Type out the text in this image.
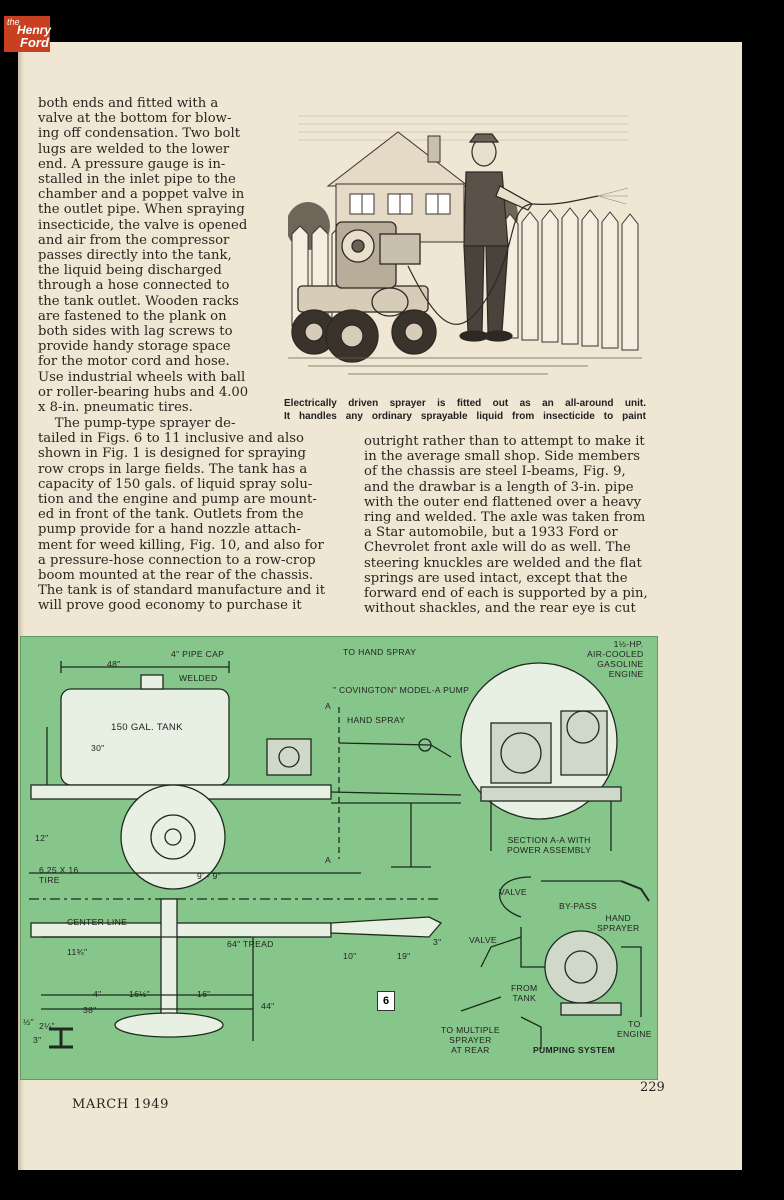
the
Henry
Ford

both ends and fitted with a
valve at the bottom for blow-
ing off condensation. Two bolt
lugs are welded to the lower
end. A pressure gauge is in-
stalled in the inlet pipe to the
chamber and a poppet valve in
the outlet pipe. When spraying
insecticide, the valve is opened
and air from the compressor
passes directly into the tank,
the liquid being discharged
through a hose connected to
the tank outlet. Wooden racks
are fastened to the plank on
both sides with lag screws to
provide handy storage space
for the motor cord and hose.
Use industrial wheels with ball
or roller-bearing hubs and 4.00
x 8-in. pneumatic tires.

The pump-type sprayer de-
tailed in Figs. 6 to 11 inclusive and also
shown in Fig. 1 is designed for spraying
row crops in large fields. The tank has a
capacity of 150 gals. of liquid spray solu-
tion and the engine and pump are mount-
ed in front of the tank. Outlets from the
pump provide for a hand nozzle attach-
ment for weed killing, Fig. 10, and also for
a pressure-hose connection to a row-crop
boom mounted at the rear of the chassis.
The tank is of standard manufacture and it
will prove good economy to purchase it

outright rather than to attempt to make it
in the average small shop. Side members
of the chassis are steel I-beams, Fig. 9,
and the drawbar is a length of 3-in. pipe
with the outer end flattened over a heavy
ring and welded. The axle was taken from
a Star automobile, but a 1933 Ford or
Chevrolet front axle will do as well. The
steering knuckles are welded and the flat
springs are used intact, except that the
forward end of each is supported by a pin,
without shackles, and the rear eye is cut

Electrically driven sprayer is fitted out as an all-around unit.
It handles any ordinary sprayable liquid from insecticide to paint
4" PIPE CAP
48"
WELDED
150 GAL. TANK
30"
12"
6.25 X 16
TIRE
A
A
TO HAND SPRAY
" COVINGTON" MODEL-A PUMP
HAND SPRAY
1½-HP.
AIR-COOLED
GASOLINE
ENGINE
SECTION A-A WITH
POWER ASSEMBLY
9' - 9"
CENTER LINE
11¾"
64" TREAD
10"	19"
3"
4"	16½"	16"
38"	44"
2¼"
3"
½"
6
VALVE
BY-PASS
HAND
SPRAYER
VALVE
FROM
TANK
TO
ENGINE
TO MULTIPLE
SPRAYER
AT REAR	PUMPING SYSTEM
MARCH 1949
229
